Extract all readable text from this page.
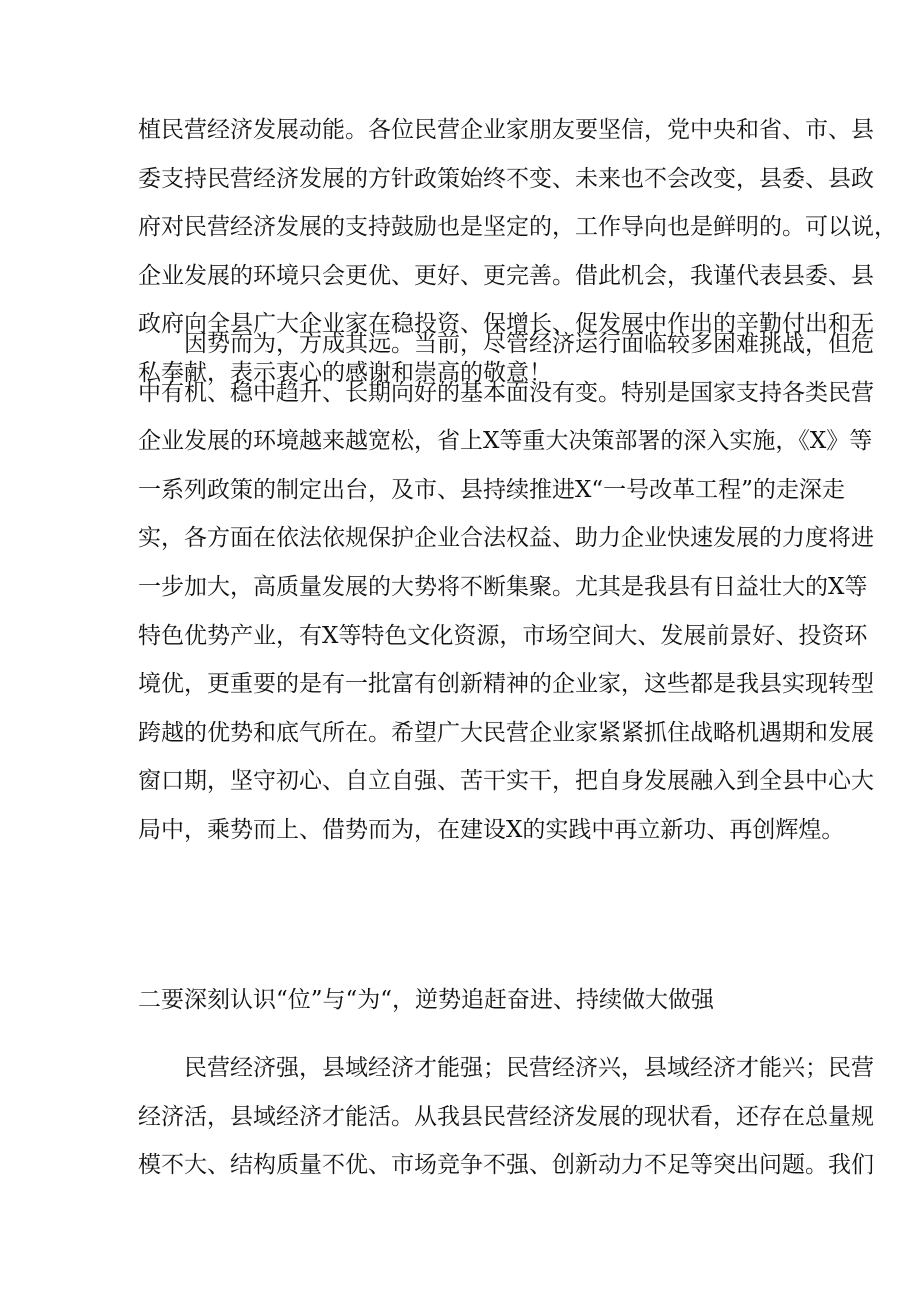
植民营经济发展动能。各位民营企业家朋友要坚信，党中央和省、市、县
委支持民营经济发展的方针政策始终不变、未来也不会改变，县委、县政
府对民营经济发展的支持鼓励也是坚定的，工作导向也是鲜明的。可以说，
企业发展的环境只会更优、更好、更完善。借此机会，我谨代表县委、县
政府向全县广大企业家在稳投资、保增长、促发展中作出的辛勤付出和无
私奉献，表示衷心的感谢和崇高的敬意！

因势而为，方成其远。当前，尽管经济运行面临较多困难挑战，但危
中有机、稳中趋升、长期向好的基本面没有变。特别是国家支持各类民营
企业发展的环境越来越宽松，省上X等重大决策部署的深入实施，《X》等
一系列政策的制定出台，及市、县持续推进X“一号改革工程”的走深走
实，各方面在依法依规保护企业合法权益、助力企业快速发展的力度将进
一步加大，高质量发展的大势将不断集聚。尤其是我县有日益壮大的X等
特色优势产业，有X等特色文化资源，市场空间大、发展前景好、投资环
境优，更重要的是有一批富有创新精神的企业家，这些都是我县实现转型
跨越的优势和底气所在。希望广大民营企业家紧紧抓住战略机遇期和发展
窗口期，坚守初心、自立自强、苦干实干，把自身发展融入到全县中心大
局中，乘势而上、借势而为，在建设X的实践中再立新功、再创辉煌。

二要深刻认识“位”与“为“，逆势追赶奋进、持续做大做强

民营经济强，县域经济才能强；民营经济兴，县域经济才能兴；民营
经济活，县域经济才能活。从我县民营经济发展的现状看，还存在总量规
模不大、结构质量不优、市场竞争不强、创新动力不足等突出问题。我们
